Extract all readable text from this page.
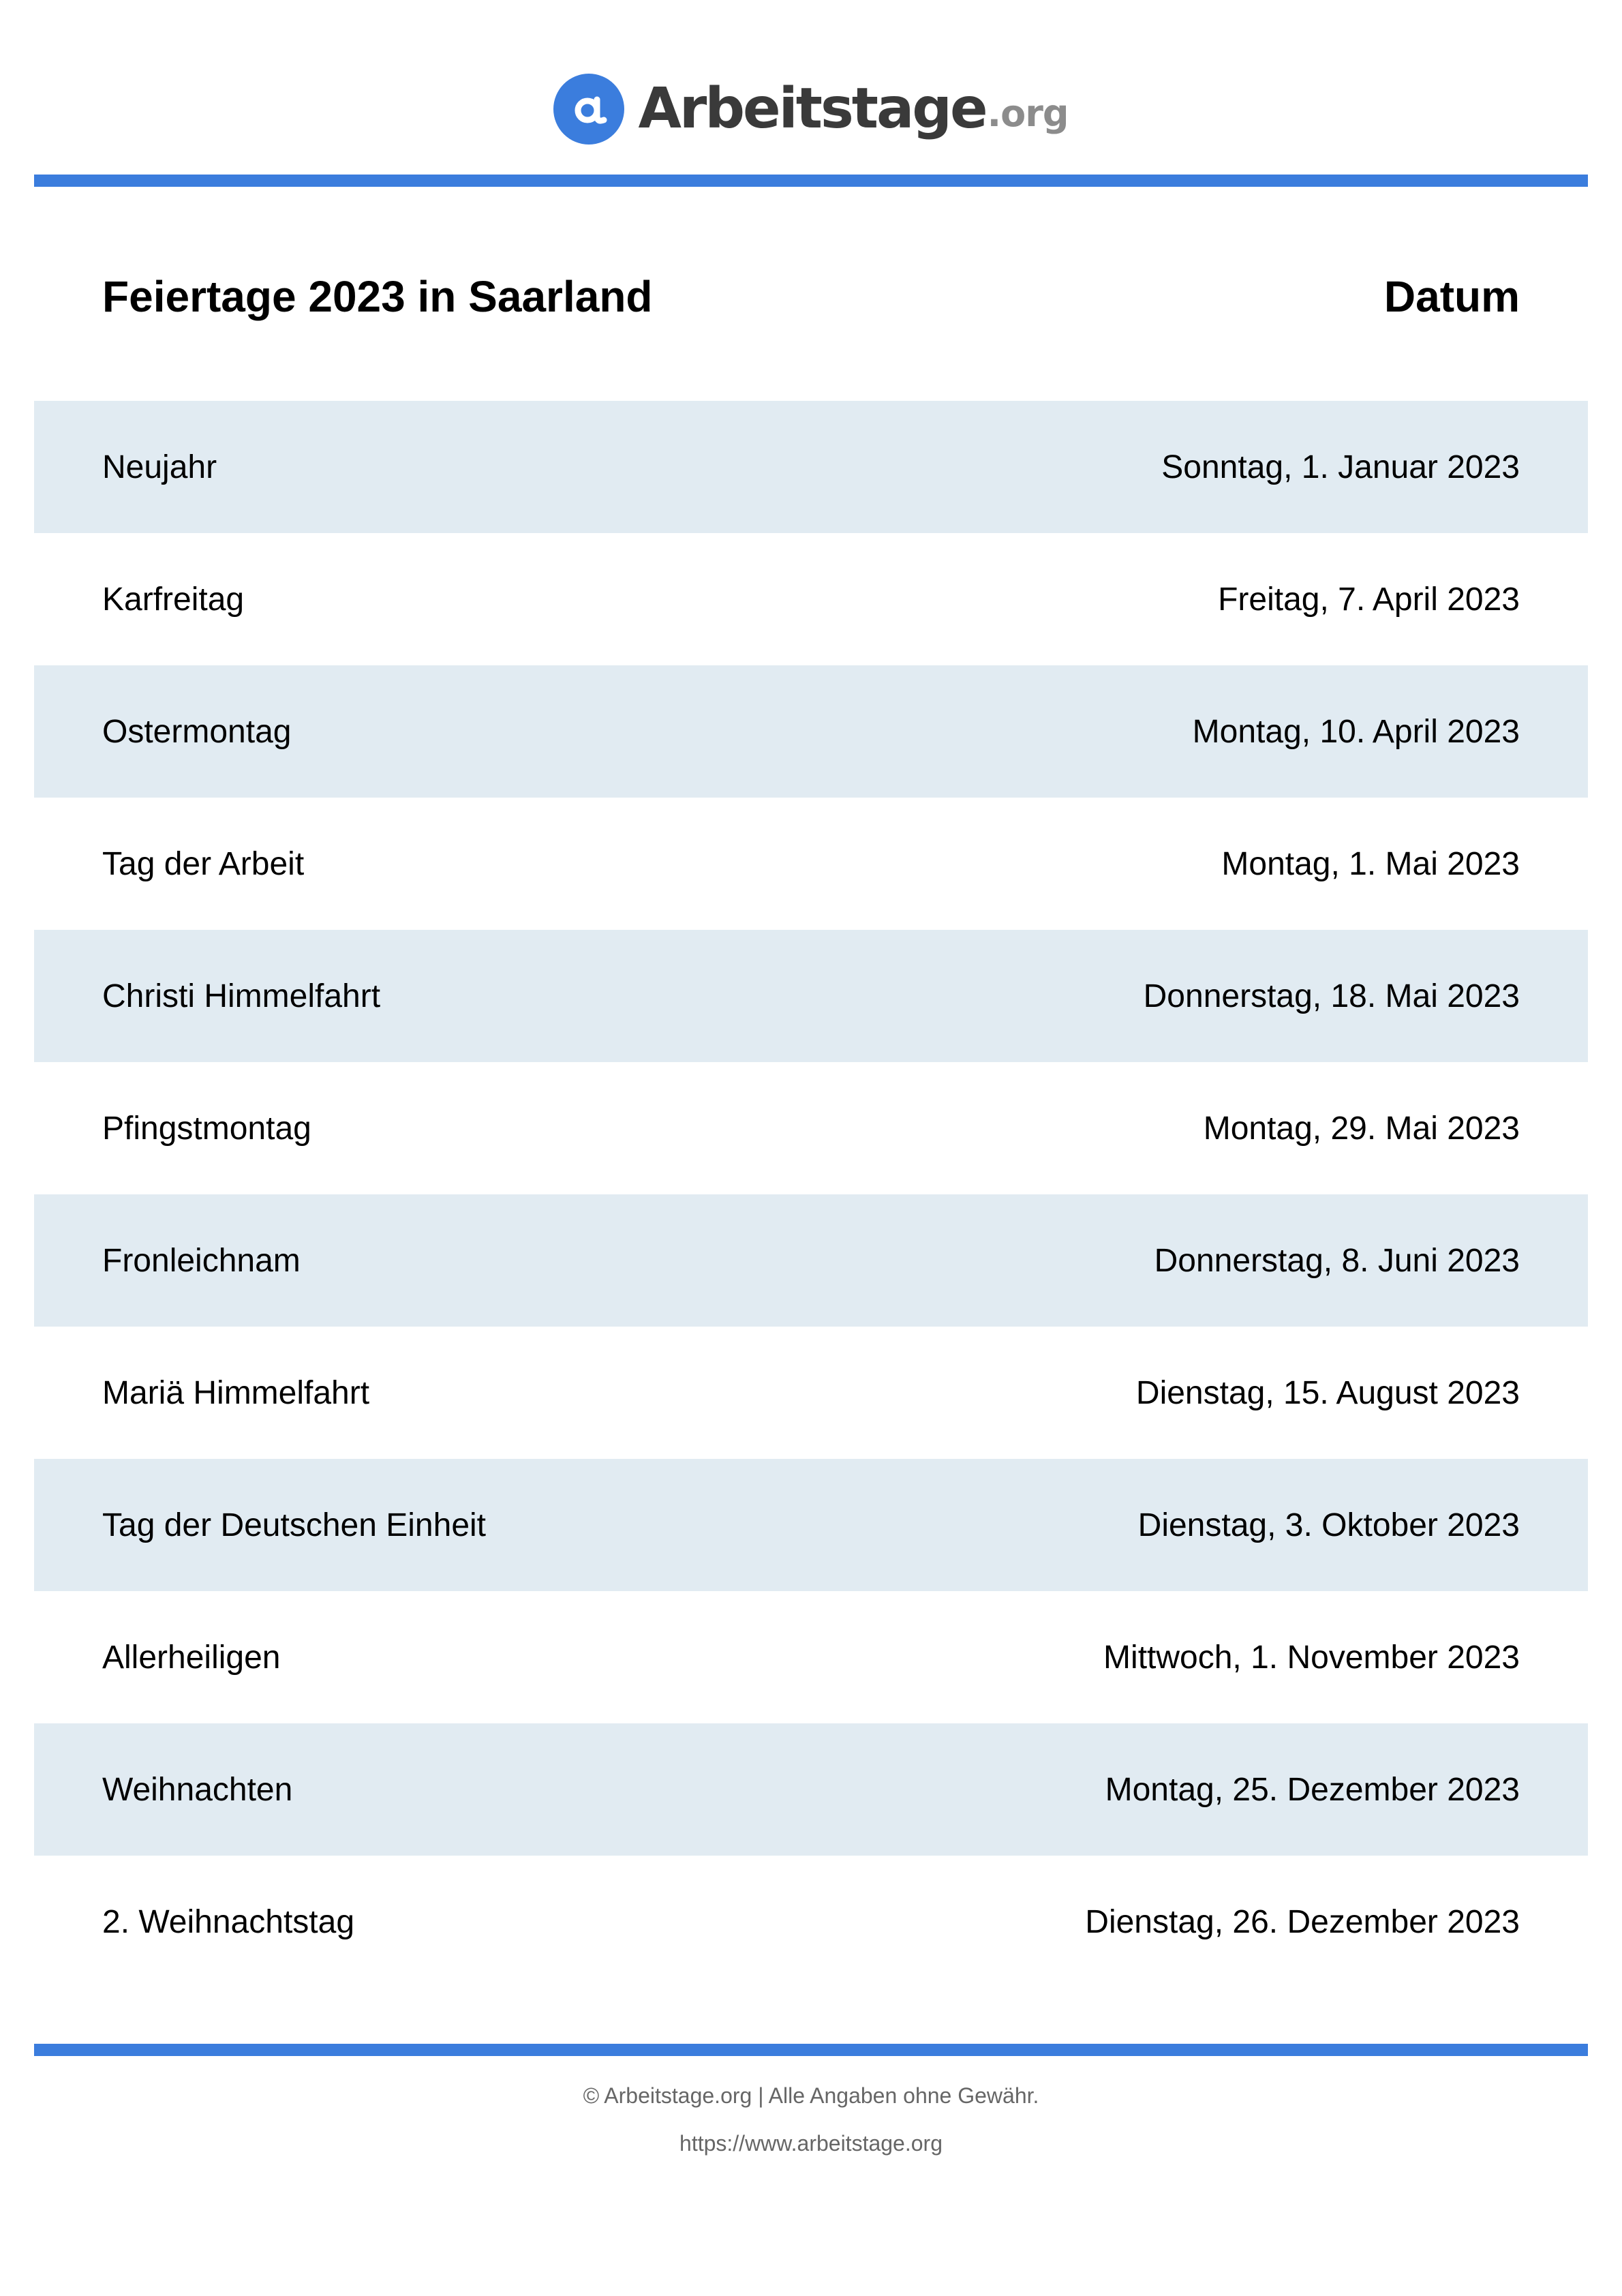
Arbeitstage .org
Feiertage 2023 in Saarland	Datum
Neujahr	Sonntag, 1. Januar 2023
Karfreitag	Freitag, 7. April 2023
Ostermontag	Montag, 10. April 2023
Tag der Arbeit	Montag, 1. Mai 2023
Christi Himmelfahrt	Donnerstag, 18. Mai 2023
Pfingstmontag	Montag, 29. Mai 2023
Fronleichnam	Donnerstag, 8. Juni 2023
Mariä Himmelfahrt	Dienstag, 15. August 2023
Tag der Deutschen Einheit	Dienstag, 3. Oktober 2023
Allerheiligen	Mittwoch, 1. November 2023
Weihnachten	Montag, 25. Dezember 2023
2. Weihnachtstag	Dienstag, 26. Dezember 2023
© Arbeitstage.org | Alle Angaben ohne Gewähr.
https://www.arbeitstage.org
